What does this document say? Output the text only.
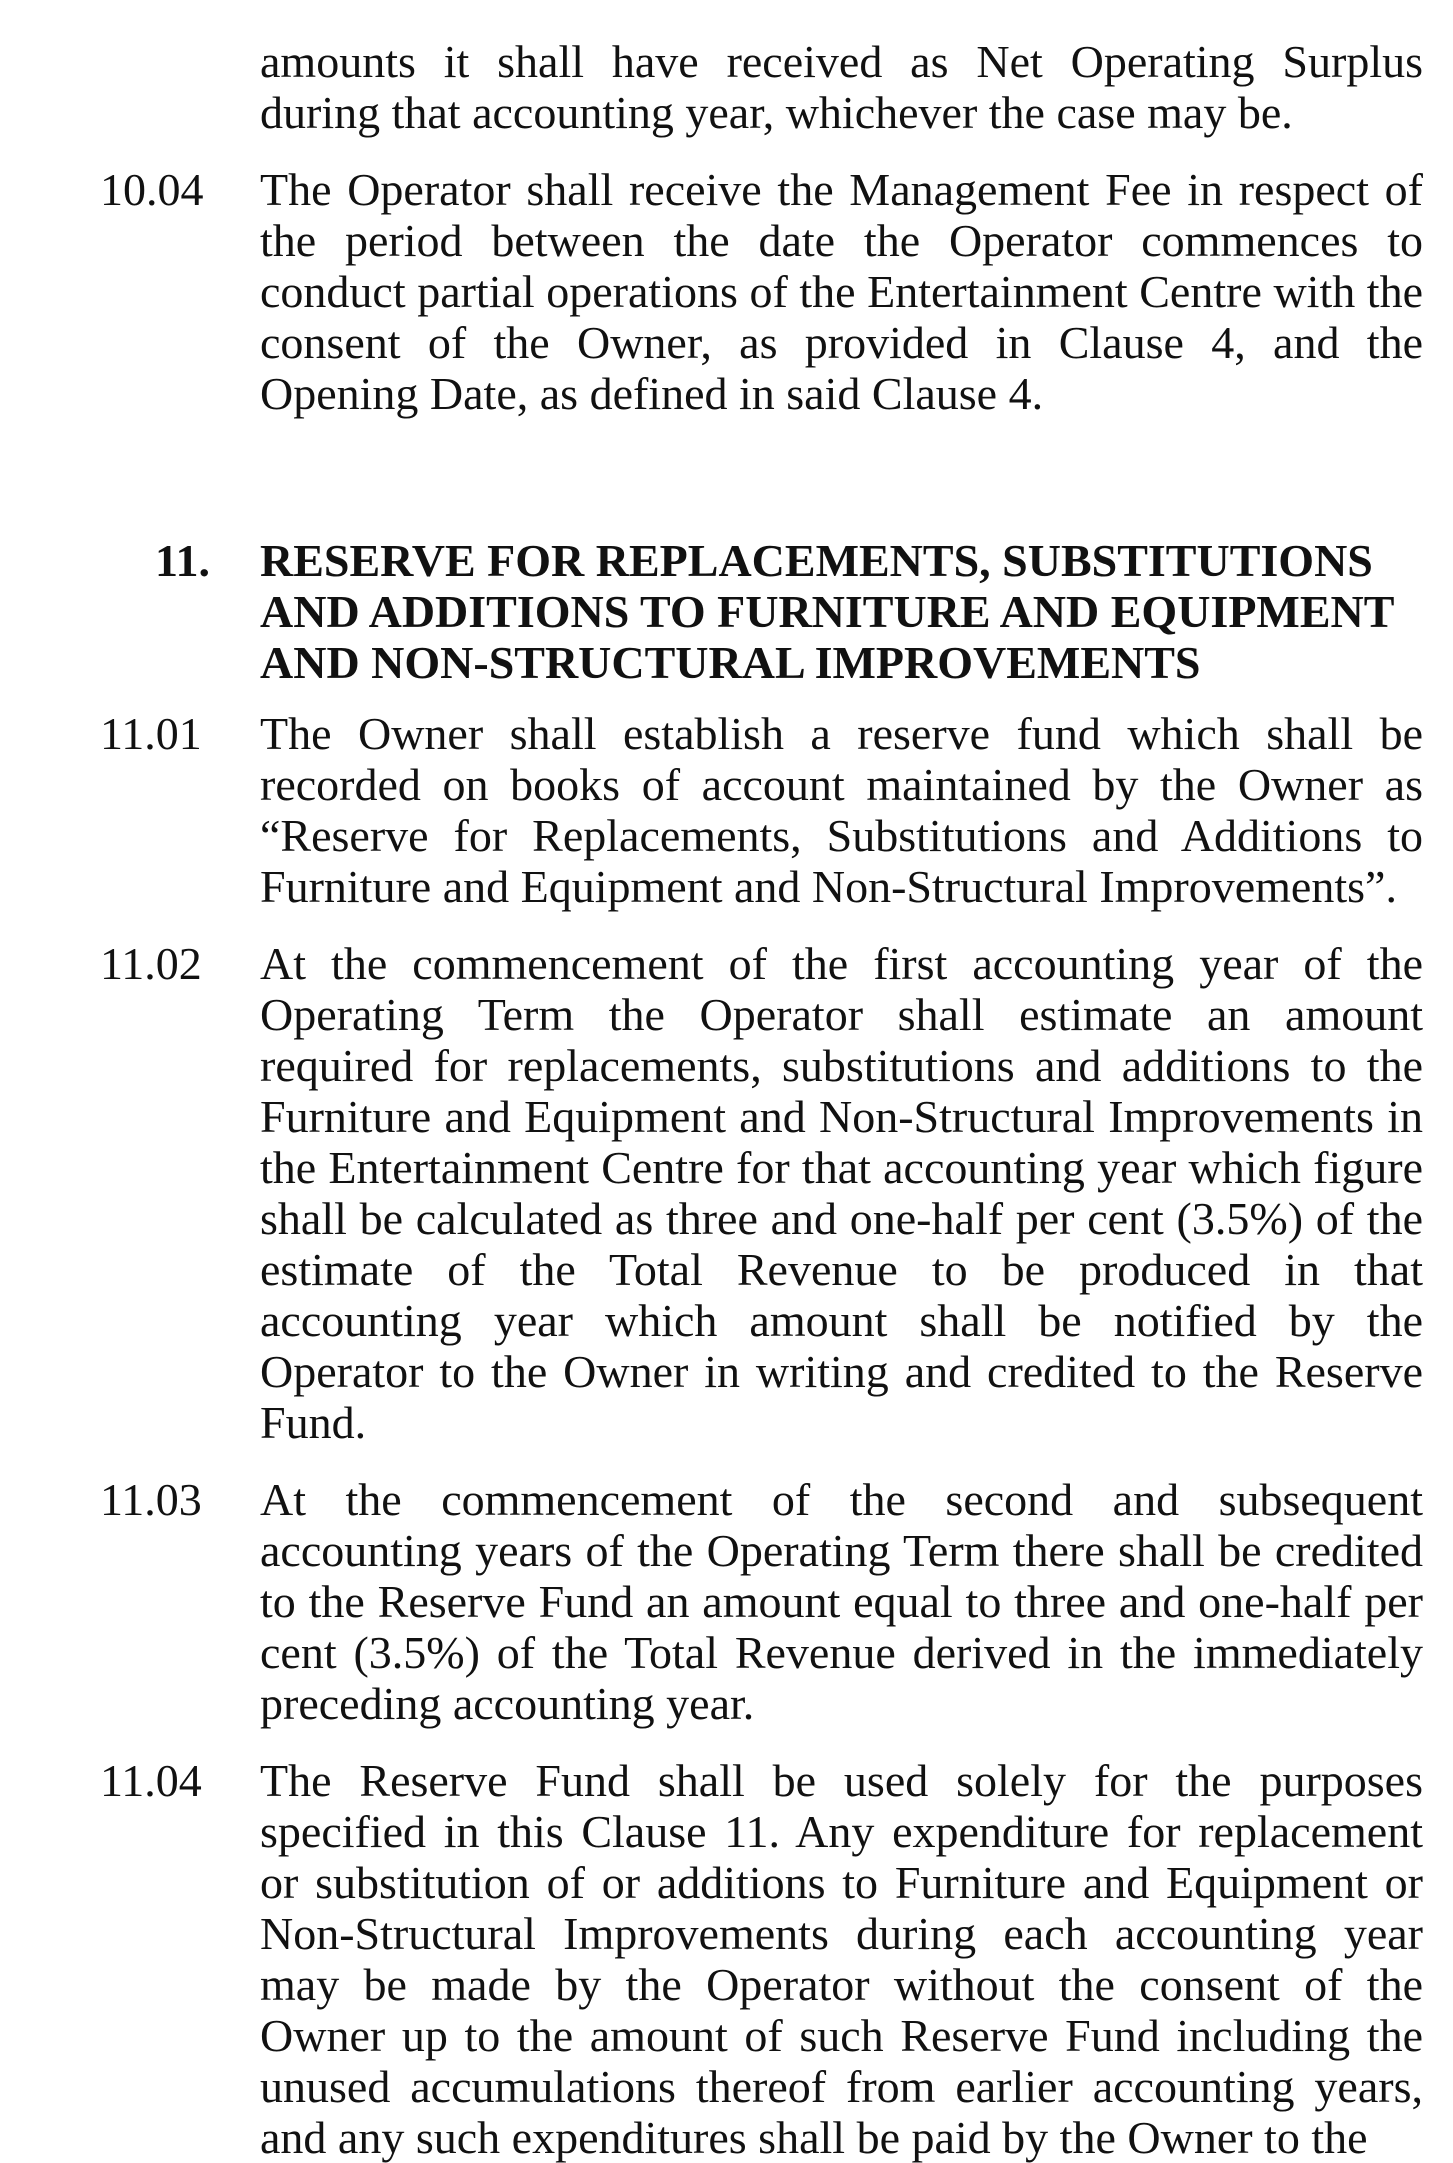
amounts it shall have received as Net Operating Surplus during that accounting year, whichever the case may be.
10.04	The Operator shall receive the Management Fee in respect of the period between the date the Operator commences to conduct partial operations of the Entertainment Centre with the consent of the Owner, as provided in Clause 4, and the Opening Date, as defined in said Clause 4.
11.	RESERVE FOR REPLACEMENTS, SUBSTITUTIONS AND ADDITIONS TO FURNITURE AND EQUIPMENT AND NON-STRUCTURAL IMPROVEMENTS
11.01	The Owner shall establish a reserve fund which shall be recorded on books of account maintained by the Owner as “Reserve for Replacements, Substitutions and Additions to Furniture and Equipment and Non-Structural Improvements”.
11.02	At the commencement of the first accounting year of the Operating Term the Operator shall estimate an amount required for replacements, substitutions and additions to the Furniture and Equipment and Non-Structural Improvements in the Entertainment Centre for that accounting year which figure shall be calculated as three and one-half per cent (3.5%) of the estimate of the Total Revenue to be produced in that accounting year which amount shall be notified by the Operator to the Owner in writing and credited to the Reserve Fund.
11.03	At the commencement of the second and subsequent accounting years of the Operating Term there shall be credited to the Reserve Fund an amount equal to three and one-half per cent (3.5%) of the Total Revenue derived in the immediately preceding accounting year.
11.04	The Reserve Fund shall be used solely for the purposes specified in this Clause 11. Any expenditure for replacement or substitution of or additions to Furniture and Equipment or Non-Structural Improvements during each accounting year may be made by the Operator without the consent of the Owner up to the amount of such Reserve Fund including the unused accumulations thereof from earlier accounting years, and any such expenditures shall be paid by the Owner to the
